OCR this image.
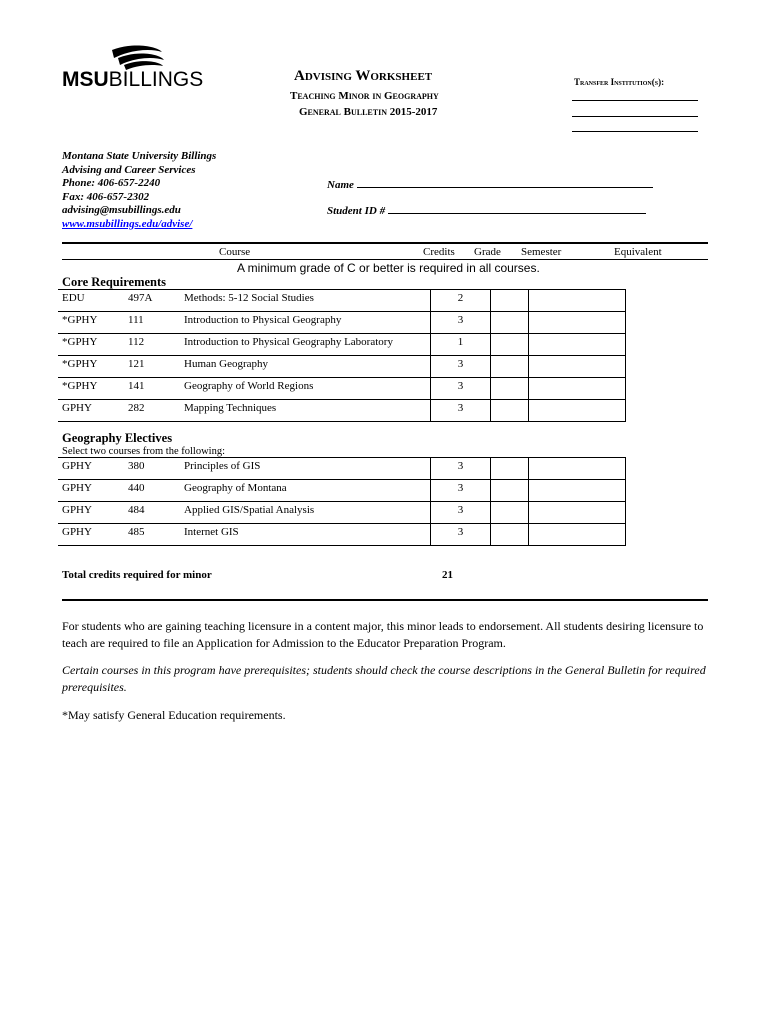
MSUBILLINGS	Advising Worksheet
Teaching Minor in Geography
General Bulletin 2015-2017
Transfer Institution(s):
Montana State University Billings
Advising and Career Services
Phone: 406-657-2240
Fax: 406-657-2302
advising@msubillings.edu
www.msubillings.edu/advise/
Name
Student ID #
Course	Credits Grade Semester	Equivalent
A minimum grade of C or better is required in all courses.
Core Requirements
EDU	497A	Methods: 5-12 Social Studies	2		
*GPHY	111	Introduction to Physical Geography	3		
*GPHY	112	Introduction to Physical Geography Laboratory	1		
*GPHY	121	Human Geography	3		
*GPHY	141	Geography of World Regions	3		
GPHY	282	Mapping Techniques	3		
Geography Electives
Select two courses from the following:
GPHY	380	Principles of GIS	3		
GPHY	440	Geography of Montana	3		
GPHY	484	Applied GIS/Spatial Analysis	3		
GPHY	485	Internet GIS	3		
Total credits required for minor	21
For students who are gaining teaching licensure in a content major, this minor leads to endorsement. All students desiring licensure to teach are required to file an Application for Admission to the Educator Preparation Program.
Certain courses in this program have prerequisites; students should check the course descriptions in the General Bulletin for required prerequisites.
*May satisfy General Education requirements.
